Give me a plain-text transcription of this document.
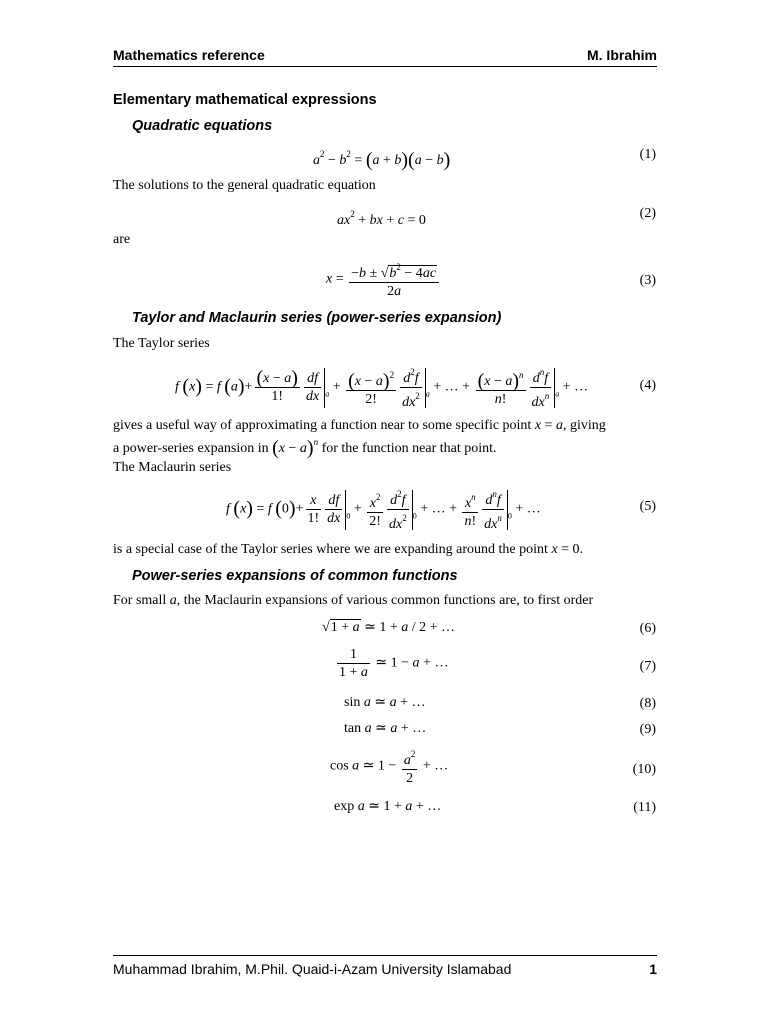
Mathematics reference	M. Ibrahim
Elementary mathematical expressions
Quadratic equations
$a^2 - b^2 = (a + b)(a - b)$	(1)
The solutions to the general quadratic equation
$ax^2$ + bx + c = 0	(2)
are
$x = \frac{-b \pm √b^2 - 4ac}{2a}$	(3)
Taylor and Maclaurin series (power-series expansion)
The Taylor series
f (x) = f $(a)+ \frac{(x - a)}{1!} \frac{df}{dx} _a + \frac{(x - a)^2}{2!} \frac{d^2f}{dx^2} _a$ + … + $\frac{(x - a)^n}{n!} \frac{d^nf}{dx^n} _a$ + …	(4)
gives a useful way of approximating a function near to some specific point x = a, giving
a power-series expansion in $(x - a)^n$ for the function near that point.
The Maclaurin series
f (x) = f $(0)+ \frac{x}{1!} \frac{df}{dx} _0 + \frac{x^2}{2!} \frac{d^2f}{dx^2} _0$ + … + $\frac{x^n}{n!} \frac{d^nf}{dx^n} _0$ + …	(5)
is a special case of the Taylor series where we are expanding around the point x = 0.
Power-series expansions of common functions
For small a, the Maclaurin expansions of various common functions are, to first order
√1 + a ≃ 1 + a / 2 + …	(6)
$\frac{1}{1 + a}$ ≃ 1 − a + …	(7)
sin a ≃ a + …	(8)
tan a ≃ a + …	(9)
cos a ≃ $1 - \frac{a^2}{2}$ + …	(10)
exp a ≃ 1 + a + …	(11)
Muhammad Ibrahim, M.Phil. Quaid-i-Azam University Islamabad	1
